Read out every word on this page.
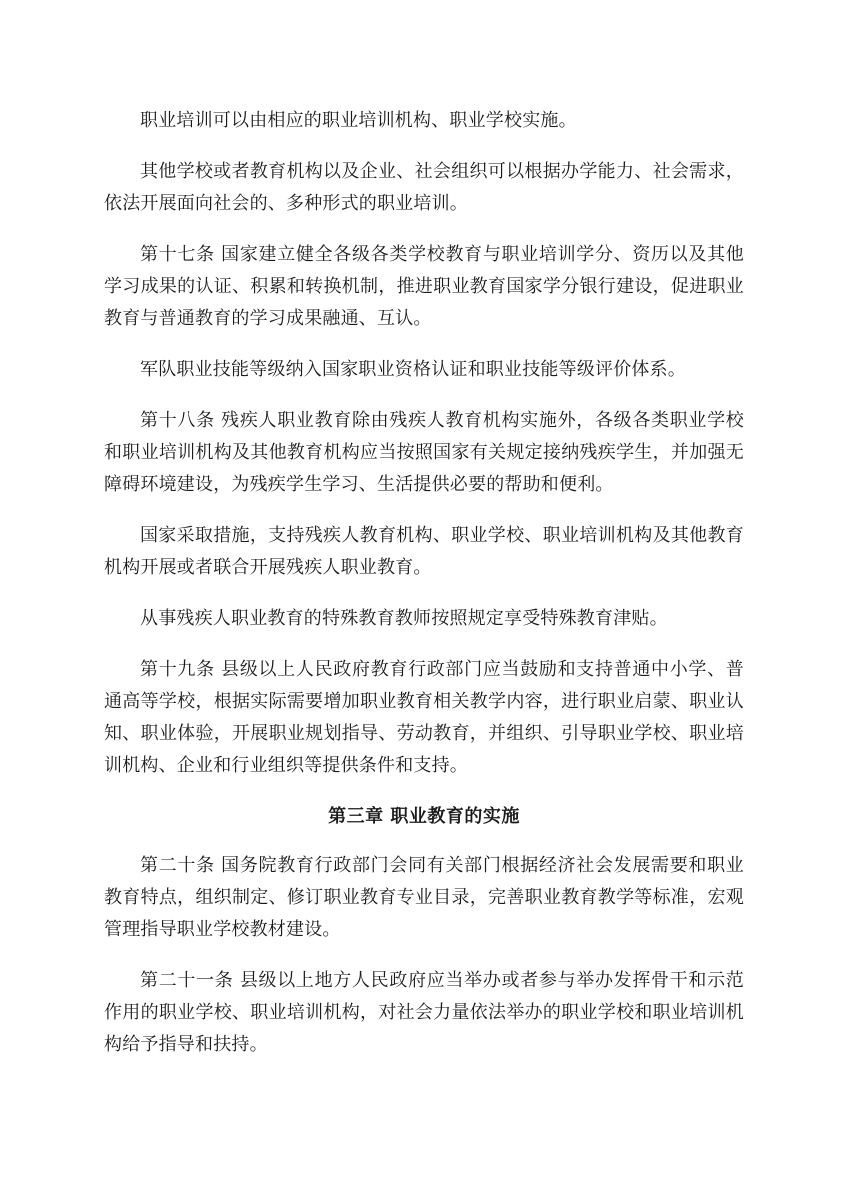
职业培训可以由相应的职业培训机构、职业学校实施。

其他学校或者教育机构以及企业、社会组织可以根据办学能力、社会需求，依法开展面向社会的、多种形式的职业培训。

第十七条 国家建立健全各级各类学校教育与职业培训学分、资历以及其他学习成果的认证、积累和转换机制，推进职业教育国家学分银行建设，促进职业教育与普通教育的学习成果融通、互认。

军队职业技能等级纳入国家职业资格认证和职业技能等级评价体系。

第十八条 残疾人职业教育除由残疾人教育机构实施外，各级各类职业学校和职业培训机构及其他教育机构应当按照国家有关规定接纳残疾学生，并加强无障碍环境建设，为残疾学生学习、生活提供必要的帮助和便利。

国家采取措施，支持残疾人教育机构、职业学校、职业培训机构及其他教育机构开展或者联合开展残疾人职业教育。

从事残疾人职业教育的特殊教育教师按照规定享受特殊教育津贴。

第十九条 县级以上人民政府教育行政部门应当鼓励和支持普通中小学、普通高等学校，根据实际需要增加职业教育相关教学内容，进行职业启蒙、职业认知、职业体验，开展职业规划指导、劳动教育，并组织、引导职业学校、职业培训机构、企业和行业组织等提供条件和支持。

第三章 职业教育的实施

第二十条 国务院教育行政部门会同有关部门根据经济社会发展需要和职业教育特点，组织制定、修订职业教育专业目录，完善职业教育教学等标准，宏观管理指导职业学校教材建设。

第二十一条 县级以上地方人民政府应当举办或者参与举办发挥骨干和示范作用的职业学校、职业培训机构，对社会力量依法举办的职业学校和职业培训机构给予指导和扶持。
